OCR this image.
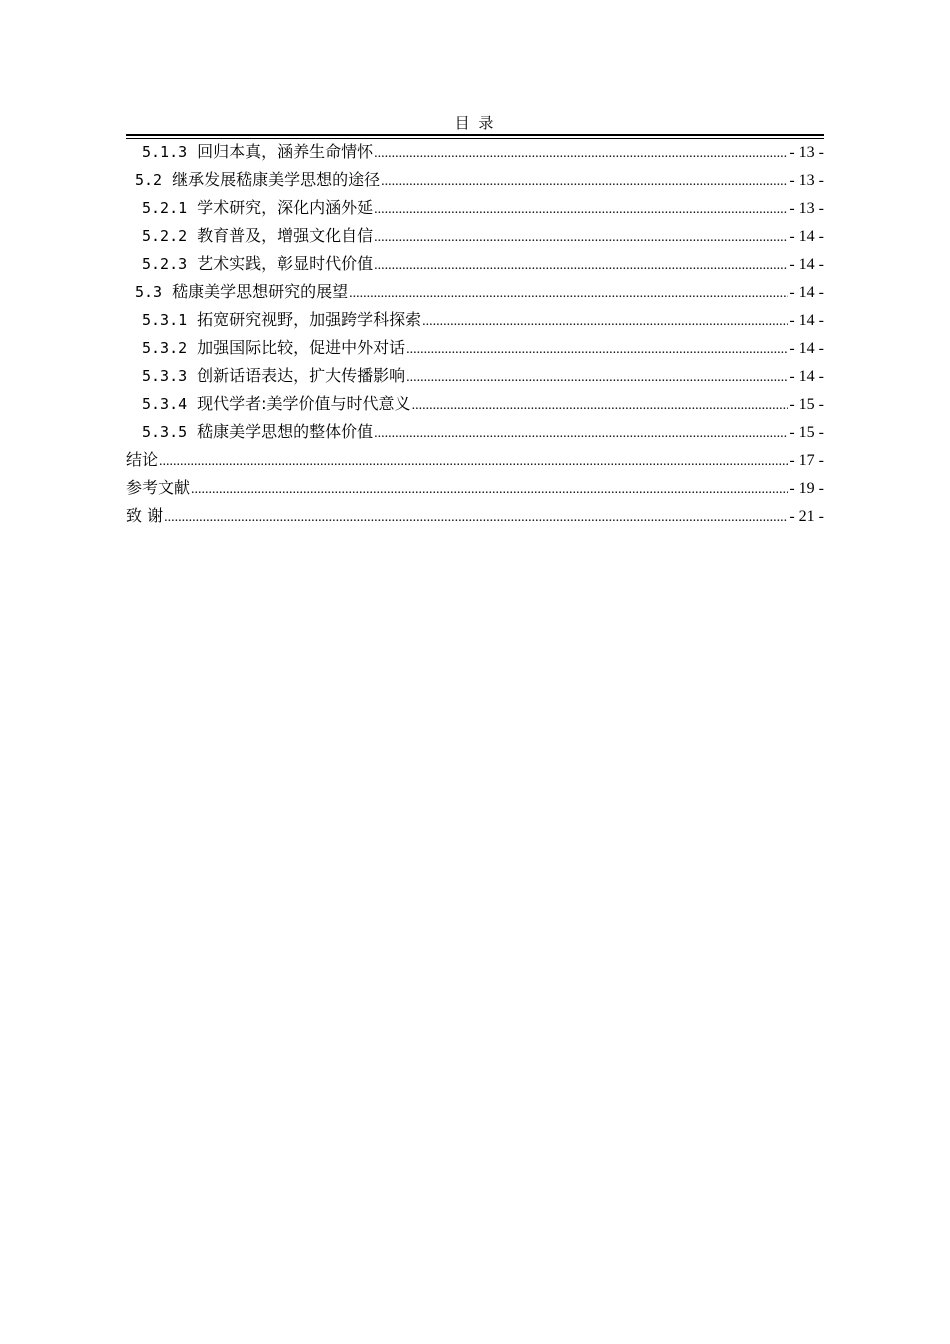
目 录
5.1.3 回归本真，涵养生命情怀 .....	- 13 -
5.2 继承发展嵇康美学思想的途径 .....	- 13 -
5.2.1 学术研究，深化内涵外延 .....	- 13 -
5.2.2 教育普及，增强文化自信 .....	- 14 -
5.2.3 艺术实践，彰显时代价值 .....	- 14 -
5.3 嵇康美学思想研究的展望 .....	- 14 -
5.3.1 拓宽研究视野，加强跨学科探索 .....	- 14 -
5.3.2 加强国际比较，促进中外对话 .....	- 14 -
5.3.3 创新话语表达，扩大传播影响 .....	- 14 -
5.3.4 现代学者:美学价值与时代意义 .....	- 15 -
5.3.5 嵇康美学思想的整体价值 .....	- 15 -
结论 .....	- 17 -
参考文献 .....	- 19 -
致 谢 .....	- 21 -
